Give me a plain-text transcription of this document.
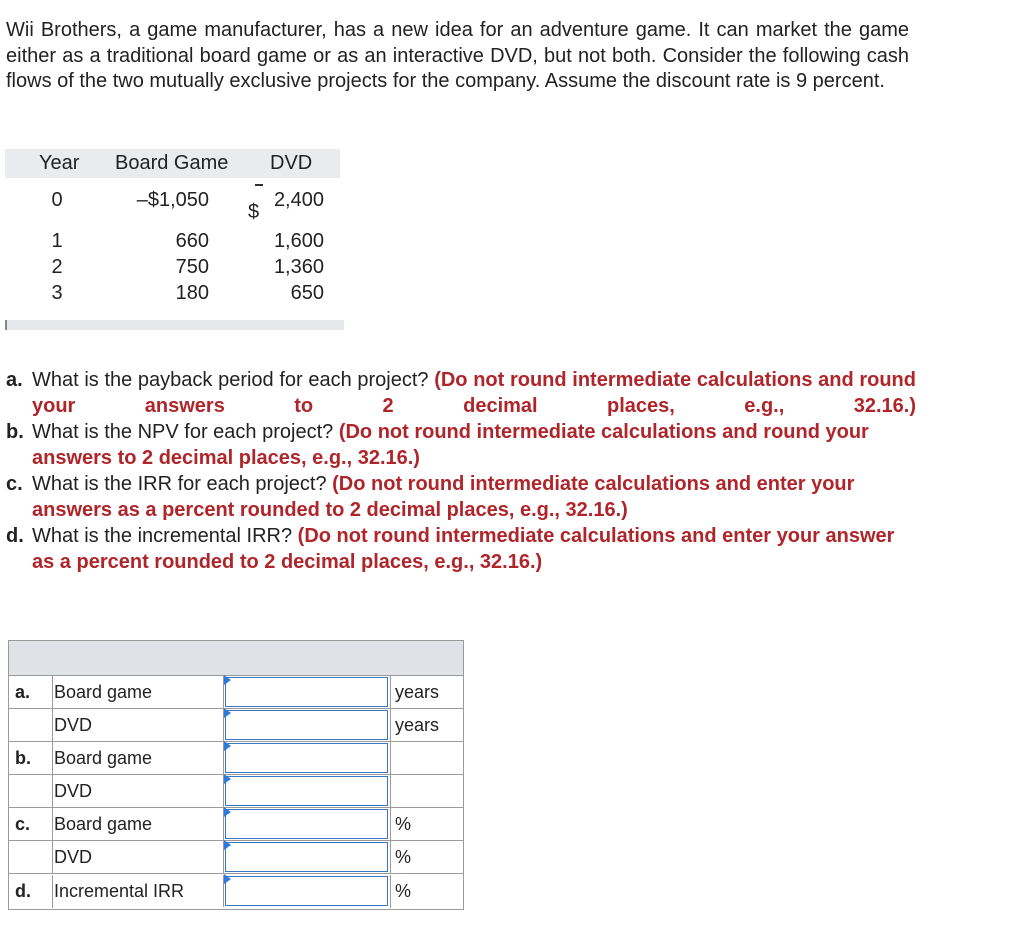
Wii Brothers, a game manufacturer, has a new idea for an adventure game. It can market the game either as a traditional board game or as an interactive DVD, but not both. Consider the following cash flows of the two mutually exclusive projects for the company. Assume the discount rate is 9 percent.

Year Board Game DVD
0	–$1,050	2,400
1	660	1,600
2	750	1,360
3	180	650
$
a. What is the payback period for each project? (Do not round intermediate calculations and round your answers to 2 decimal places, e.g., 32.16.)
b. What is the NPV for each project? (Do not round intermediate calculations and round your answers to 2 decimal places, e.g., 32.16.)
c. What is the IRR for each project? (Do not round intermediate calculations and enter your answers as a percent rounded to 2 decimal places, e.g., 32.16.)
d. What is the incremental IRR? (Do not round intermediate calculations and enter your answer as a percent rounded to 2 decimal places, e.g., 32.16.)
a. Board game	years
DVD	years
b. Board game
DVD
c. Board game	%
DVD	%
d. Incremental IRR	%
